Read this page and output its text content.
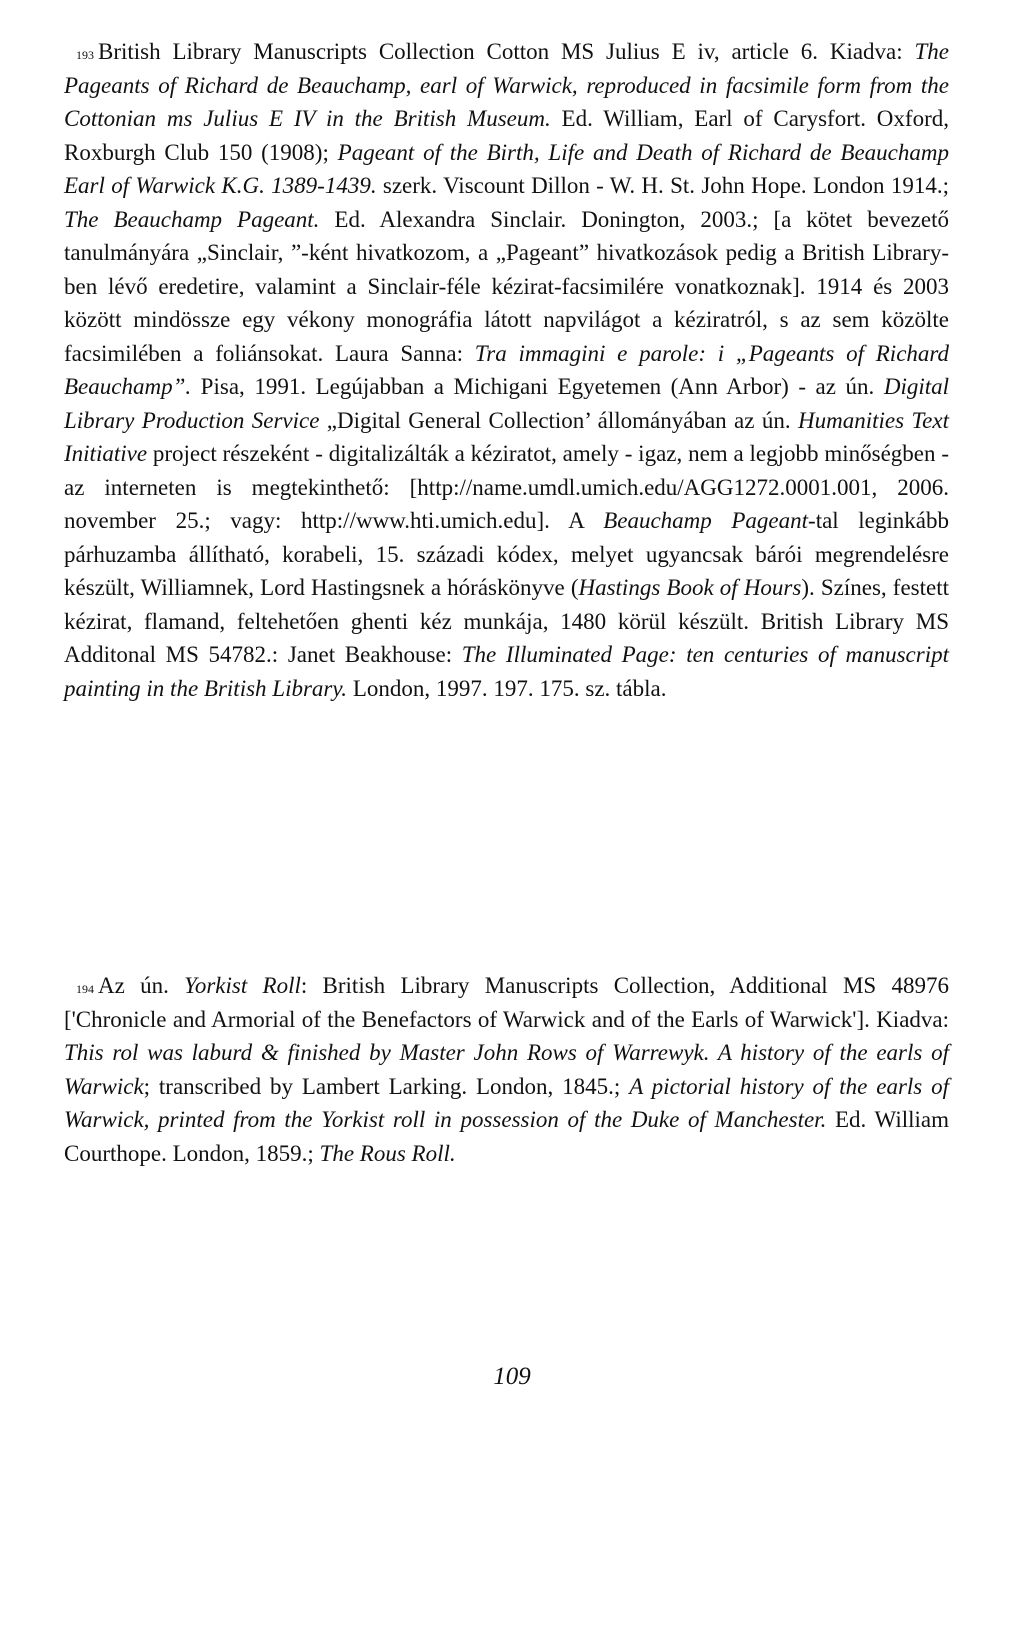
$^{193}$ British Library Manuscripts Collection Cotton MS Julius E iv, article 6. Kiadva: The Pageants of Richard de Beauchamp, earl of Warwick, reproduced in facsimile form from the Cottonian ms Julius E IV in the British Museum. Ed. William, Earl of Carysfort. Oxford, Roxburgh Club 150 (1908); Pageant of the Birth, Life and Death of Richard de Beauchamp Earl of Warwick K.G. 1389-1439. szerk. Viscount Dillon - W. H. St. John Hope. London 1914.; The Beauchamp Pageant. Ed. Alexandra Sinclair. Donington, 2003.; [a kötet bevezető tanulmányára „Sinclair, ”-ként hivatkozom, a „Pageant” hivatkozások pedig a British Library-ben lévő eredetire, valamint a Sinclair-féle kézirat-facsimilére vonatkoznak]. 1914 és 2003 között mindössze egy vékony monográfia látott napvilágot a kéziratról, s az sem közölte facsimilében a foliánsokat. Laura Sanna: Tra immagini e parole: i „Pageants of Richard Beauchamp”. Pisa, 1991. Legújabban a Michigani Egyetemen (Ann Arbor) - az ún. Digital Library Production Service „Digital General Collection’ állományában az ún. Humanities Text Initiative project részeként - digitalizálták a kéziratot, amely - igaz, nem a legjobb minőségben - az interneten is megtekinthető: [http://name.umdl.umich.edu/AGG1272.0001.001, 2006. november 25.; vagy: http://www.hti.umich.edu]. A Beauchamp Pageant-tal leginkább párhuzamba állítható, korabeli, 15. századi kódex, melyet ugyancsak bárói megrendelésre készült, Williamnek, Lord Hastingsnek a hóráskönyve (Hastings Book of Hours). Színes, festett kézirat, flamand, feltehetően ghenti kéz munkája, 1480 körül készült. British Library MS Additonal MS 54782.: Janet Beakhouse: The Illuminated Page: ten centuries of manuscript painting in the British Library. London, 1997. 197. 175. sz. tábla.

$^{194}$ Az ún. Yorkist Roll: British Library Manuscripts Collection, Additional MS 48976 ['Chronicle and Armorial of the Benefactors of Warwick and of the Earls of Warwick']. Kiadva: This rol was laburd & finished by Master John Rows of Warrewyk. A history of the earls of Warwick; transcribed by Lambert Larking. London, 1845.; A pictorial history of the earls of Warwick, printed from the Yorkist roll in possession of the Duke of Manchester. Ed. William Courthope. London, 1859.; The Rous Roll.

109
